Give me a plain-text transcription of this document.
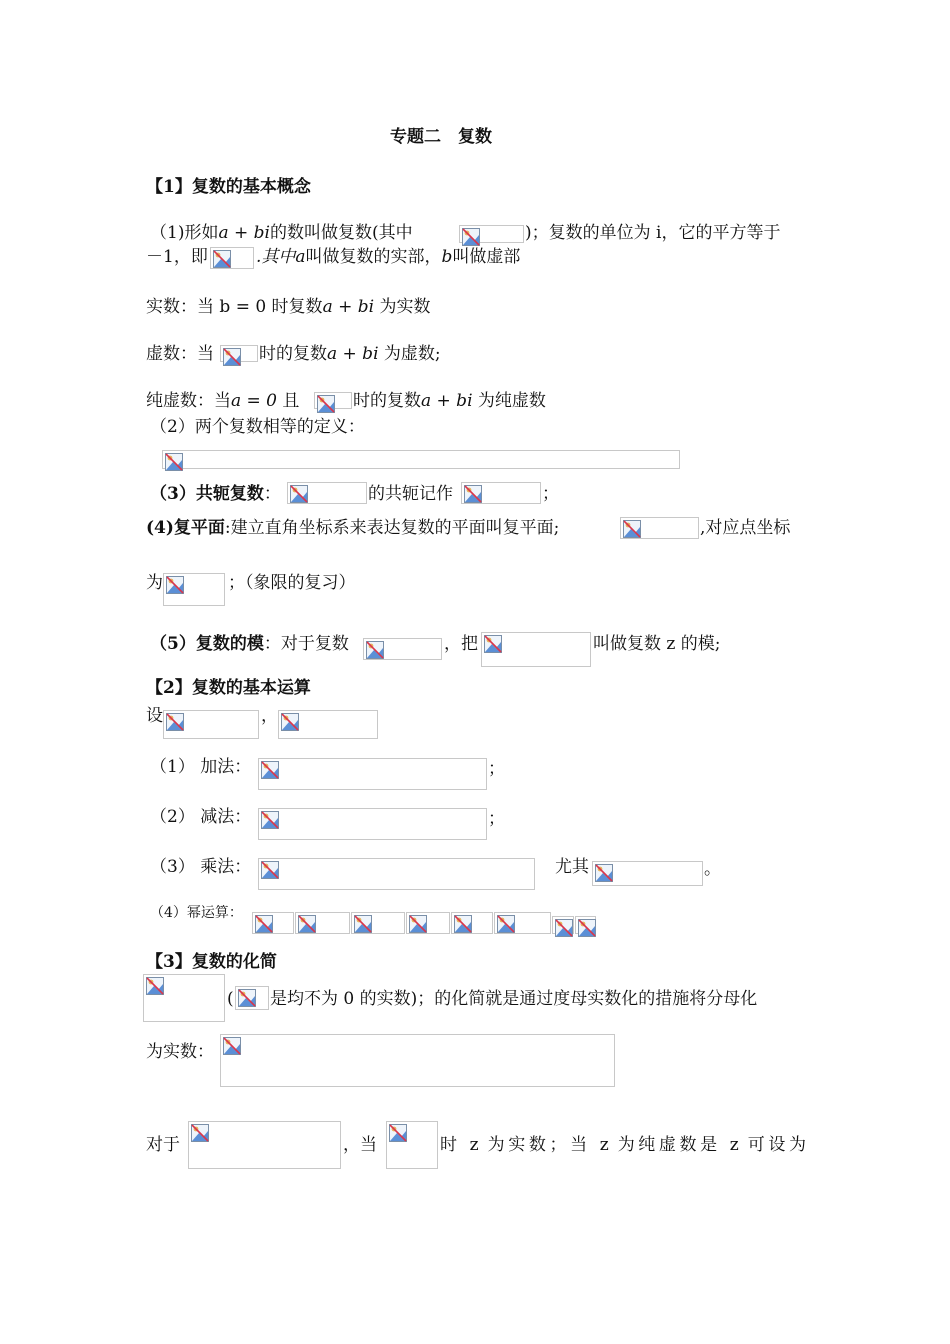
专题二　复数
【1】复数的基本概念
（1)形如a + bi的数叫做复数(其中	)；复数的单位为 i，它的平方等于
－1，即	.其中a叫做复数的实部，b叫做虚部
实数：当 b = 0 时复数a + bi 为实数
虚数：当	时的复数a + bi 为虚数;
纯虚数：当a = 0 且	时的复数a + bi 为纯虚数
（2）两个复数相等的定义：
（3）共轭复数：	的共轭记作	；
(4)复平面:建立直角坐标系来表达复数的平面叫复平面;	,对应点坐标
为	；（象限的复习）
（5）复数的模：对于复数	，把	叫做复数 z 的模;
【2】复数的基本运算
设	，
（1） 加法：	；
（2） 减法：	；
（3） 乘法：	尤其	。
（4）幂运算：
【3】复数的化简
( 是均不为 0 的实数)；的化简就是通过度母实数化的措施将分母化
为实数：
对于	，当	时 z 为实数；当 z 为纯虚数是 z 可设为
